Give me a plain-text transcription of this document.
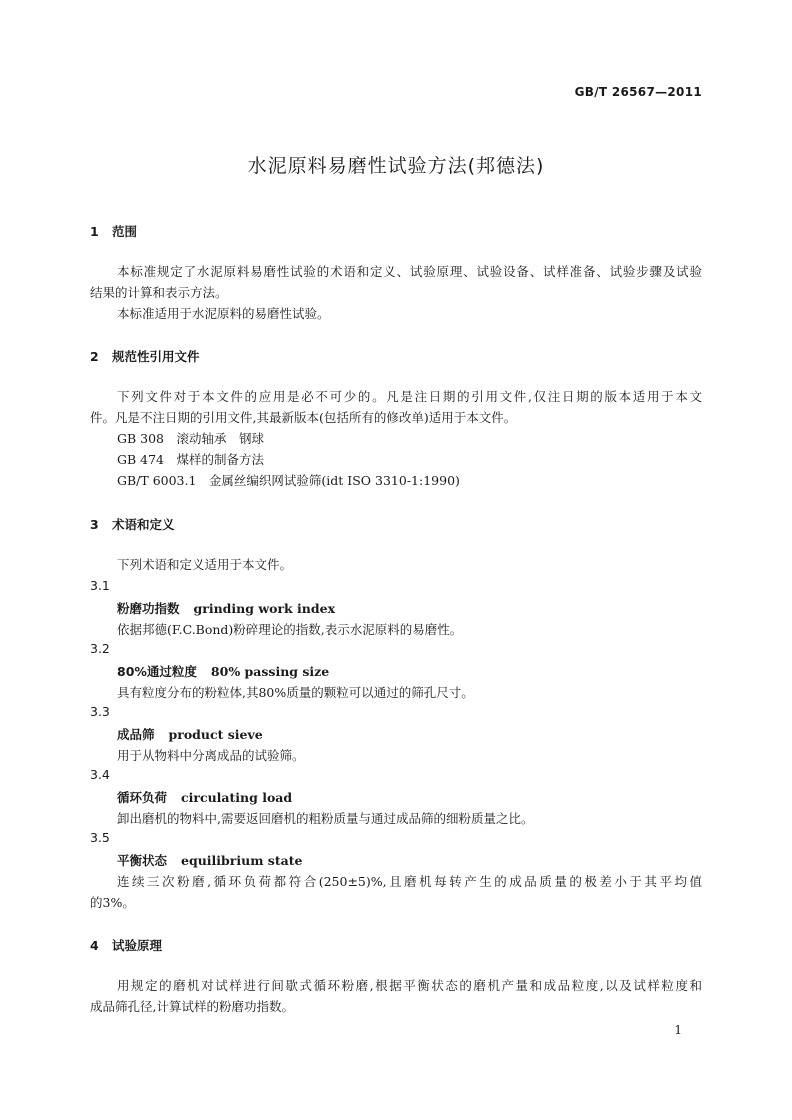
GB/T 26567—2011
水泥原料易磨性试验方法(邦德法)
1 范围
本标准规定了水泥原料易磨性试验的术语和定义、试验原理、试验设备、试样准备、试验步骤及试验
结果的计算和表示方法。
本标准适用于水泥原料的易磨性试验。
2 规范性引用文件
下列文件对于本文件的应用是必不可少的。凡是注日期的引用文件,仅注日期的版本适用于本文
件。凡是不注日期的引用文件,其最新版本(包括所有的修改单)适用于本文件。
GB 308　滚动轴承　钢球
GB 474　煤样的制备方法
GB/T 6003.1　金属丝编织网试验筛(idt ISO 3310-1:1990)
3 术语和定义
下列术语和定义适用于本文件。
3.1
粉磨功指数 grinding work index
依据邦德(F.C.Bond)粉碎理论的指数,表示水泥原料的易磨性。
3.2
80%通过粒度 80% passing size
具有粒度分布的粉粒体,其80%质量的颗粒可以通过的筛孔尺寸。
3.3
成品筛 product sieve
用于从物料中分离成品的试验筛。
3.4
循环负荷 circulating load
卸出磨机的物料中,需要返回磨机的粗粉质量与通过成品筛的细粉质量之比。
3.5
平衡状态 equilibrium state
连续三次粉磨,循环负荷都符合(250±5)%,且磨机每转产生的成品质量的极差小于其平均值
的3%。
4 试验原理
用规定的磨机对试样进行间歇式循环粉磨,根据平衡状态的磨机产量和成品粒度,以及试样粒度和
成品筛孔径,计算试样的粉磨功指数。
1
